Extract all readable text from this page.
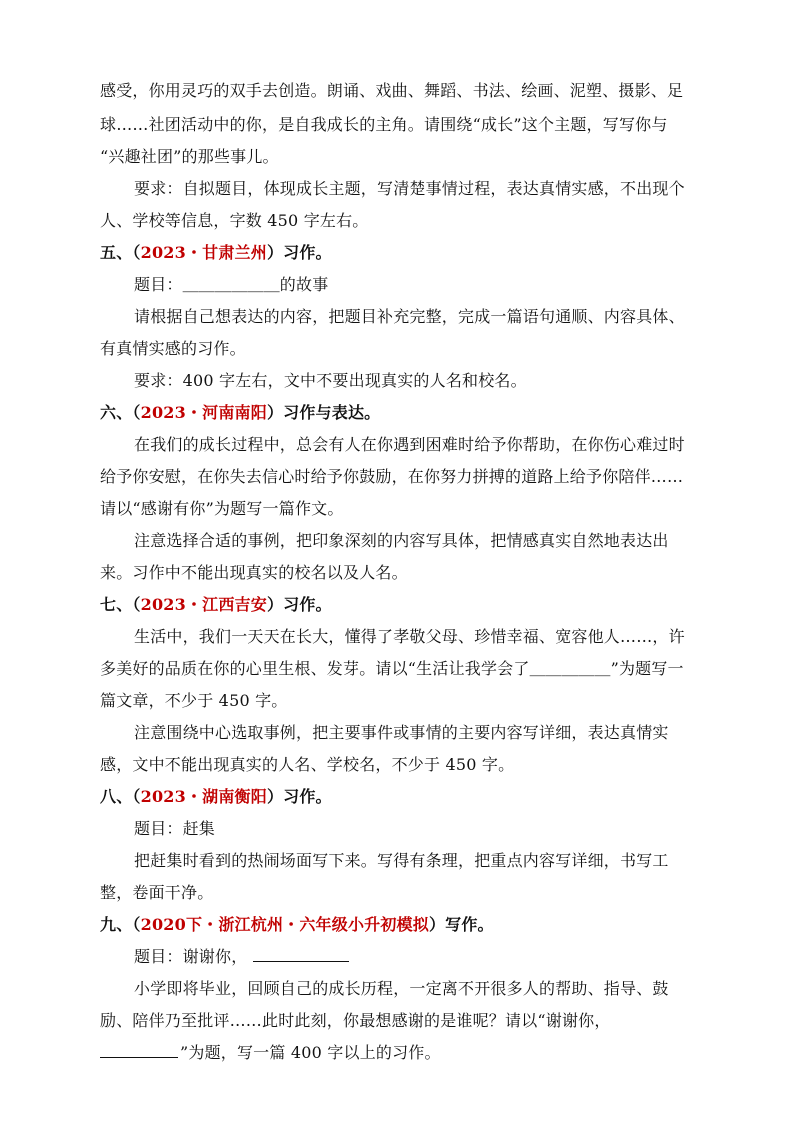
感受，你用灵巧的双手去创造。朗诵、戏曲、舞蹈、书法、绘画、泥塑、摄影、足
球……社团活动中的你，是自我成长的主角。请围绕“成长”这个主题，写写你与
“兴趣社团”的那些事儿。
要求：自拟题目，体现成长主题，写清楚事情过程，表达真情实感，不出现个
人、学校等信息，字数 450 字左右。
五、（2023・甘肃兰州）习作。
题目：＿＿＿＿＿＿的故事
请根据自己想表达的内容，把题目补充完整，完成一篇语句通顺、内容具体、
有真情实感的习作。
要求：400 字左右，文中不要出现真实的人名和校名。
六、（2023・河南南阳）习作与表达。
在我们的成长过程中，总会有人在你遇到困难时给予你帮助，在你伤心难过时
给予你安慰，在你失去信心时给予你鼓励，在你努力拼搏的道路上给予你陪伴……
请以“感谢有你”为题写一篇作文。
注意选择合适的事例，把印象深刻的内容写具体，把情感真实自然地表达出
来。习作中不能出现真实的校名以及人名。
七、（2023・江西吉安）习作。
生活中，我们一天天在长大，懂得了孝敬父母、珍惜幸福、宽容他人……，许
多美好的品质在你的心里生根、发芽。请以“生活让我学会了＿＿＿＿＿”为题写一
篇文章，不少于 450 字。
注意围绕中心选取事例，把主要事件或事情的主要内容写详细，表达真情实
感，文中不能出现真实的人名、学校名，不少于 450 字。
八、（2023・湖南衡阳）习作。
题目：赶集
把赶集时看到的热闹场面写下来。写得有条理，把重点内容写详细，书写工
整，卷面干净。
九、（2020下・浙江杭州・六年级小升初模拟）写作。
题目：谢谢你，
小学即将毕业，回顾自己的成长历程，一定离不开很多人的帮助、指导、鼓
励、陪伴乃至批评……此时此刻，你最想感谢的是谁呢？请以“谢谢你，
”为题，写一篇 400 字以上的习作。
